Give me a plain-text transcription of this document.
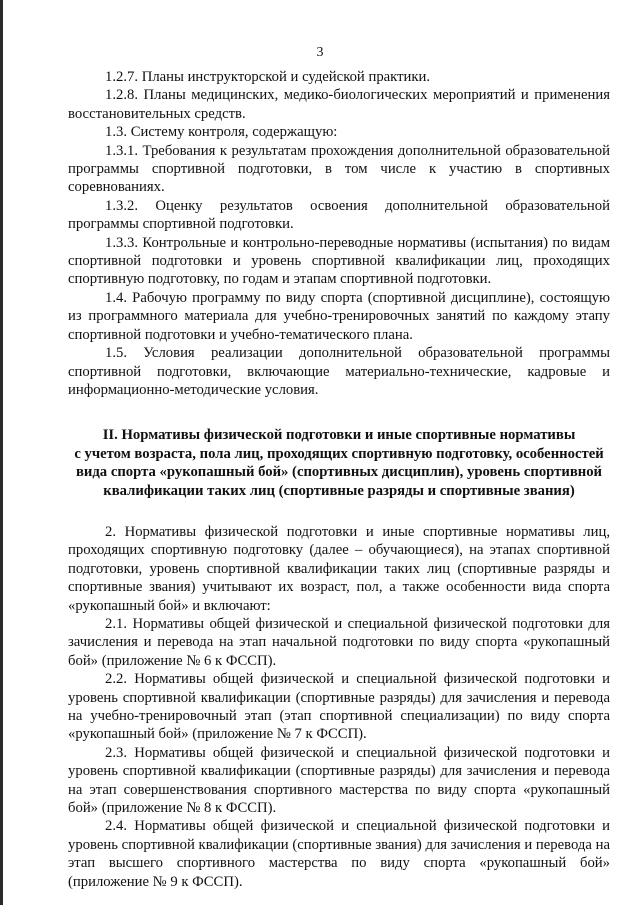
3

1.2.7. Планы инструкторской и судейской практики.

1.2.8. Планы медицинских, медико-биологических мероприятий и применения восстановительных средств.

1.3. Систему контроля, содержащую:

1.3.1. Требования к результатам прохождения дополнительной образовательной программы спортивной подготовки, в том числе к участию в спортивных соревнованиях.

1.3.2. Оценку результатов освоения дополнительной образовательной программы спортивной подготовки.

1.3.3. Контрольные и контрольно-переводные нормативы (испытания) по видам спортивной подготовки и уровень спортивной квалификации лиц, проходящих спортивную подготовку, по годам и этапам спортивной подготовки.

1.4. Рабочую программу по виду спорта (спортивной дисциплине), состоящую из программного материала для учебно-тренировочных занятий по каждому этапу спортивной подготовки и учебно-тематического плана.

1.5. Условия реализации дополнительной образовательной программы спортивной подготовки, включающие материально-технические, кадровые и информационно-методические условия.

II. Нормативы физической подготовки и иные спортивные нормативы

с учетом возраста, пола лиц, проходящих спортивную подготовку, особенностей

вида спорта «рукопашный бой» (спортивных дисциплин), уровень спортивной

квалификации таких лиц (спортивные разряды и спортивные звания)

2. Нормативы физической подготовки и иные спортивные нормативы лиц, проходящих спортивную подготовку (далее – обучающиеся), на этапах спортивной подготовки, уровень спортивной квалификации таких лиц (спортивные разряды и спортивные звания) учитывают их возраст, пол, а также особенности вида спорта «рукопашный бой» и включают:

2.1. Нормативы общей физической и специальной физической подготовки для зачисления и перевода на этап начальной подготовки по виду спорта «рукопашный бой» (приложение № 6 к ФССП).

2.2. Нормативы общей физической и специальной физической подготовки и уровень спортивной квалификации (спортивные разряды) для зачисления и перевода на учебно-тренировочный этап (этап спортивной специализации) по виду спорта «рукопашный бой» (приложение № 7 к ФССП).

2.3. Нормативы общей физической и специальной физической подготовки и уровень спортивной квалификации (спортивные разряды) для зачисления и перевода на этап совершенствования спортивного мастерства по виду спорта «рукопашный бой» (приложение № 8 к ФССП).

2.4. Нормативы общей физической и специальной физической подготовки и уровень спортивной квалификации (спортивные звания) для зачисления и перевода на этап высшего спортивного мастерства по виду спорта «рукопашный бой» (приложение № 9 к ФССП).
